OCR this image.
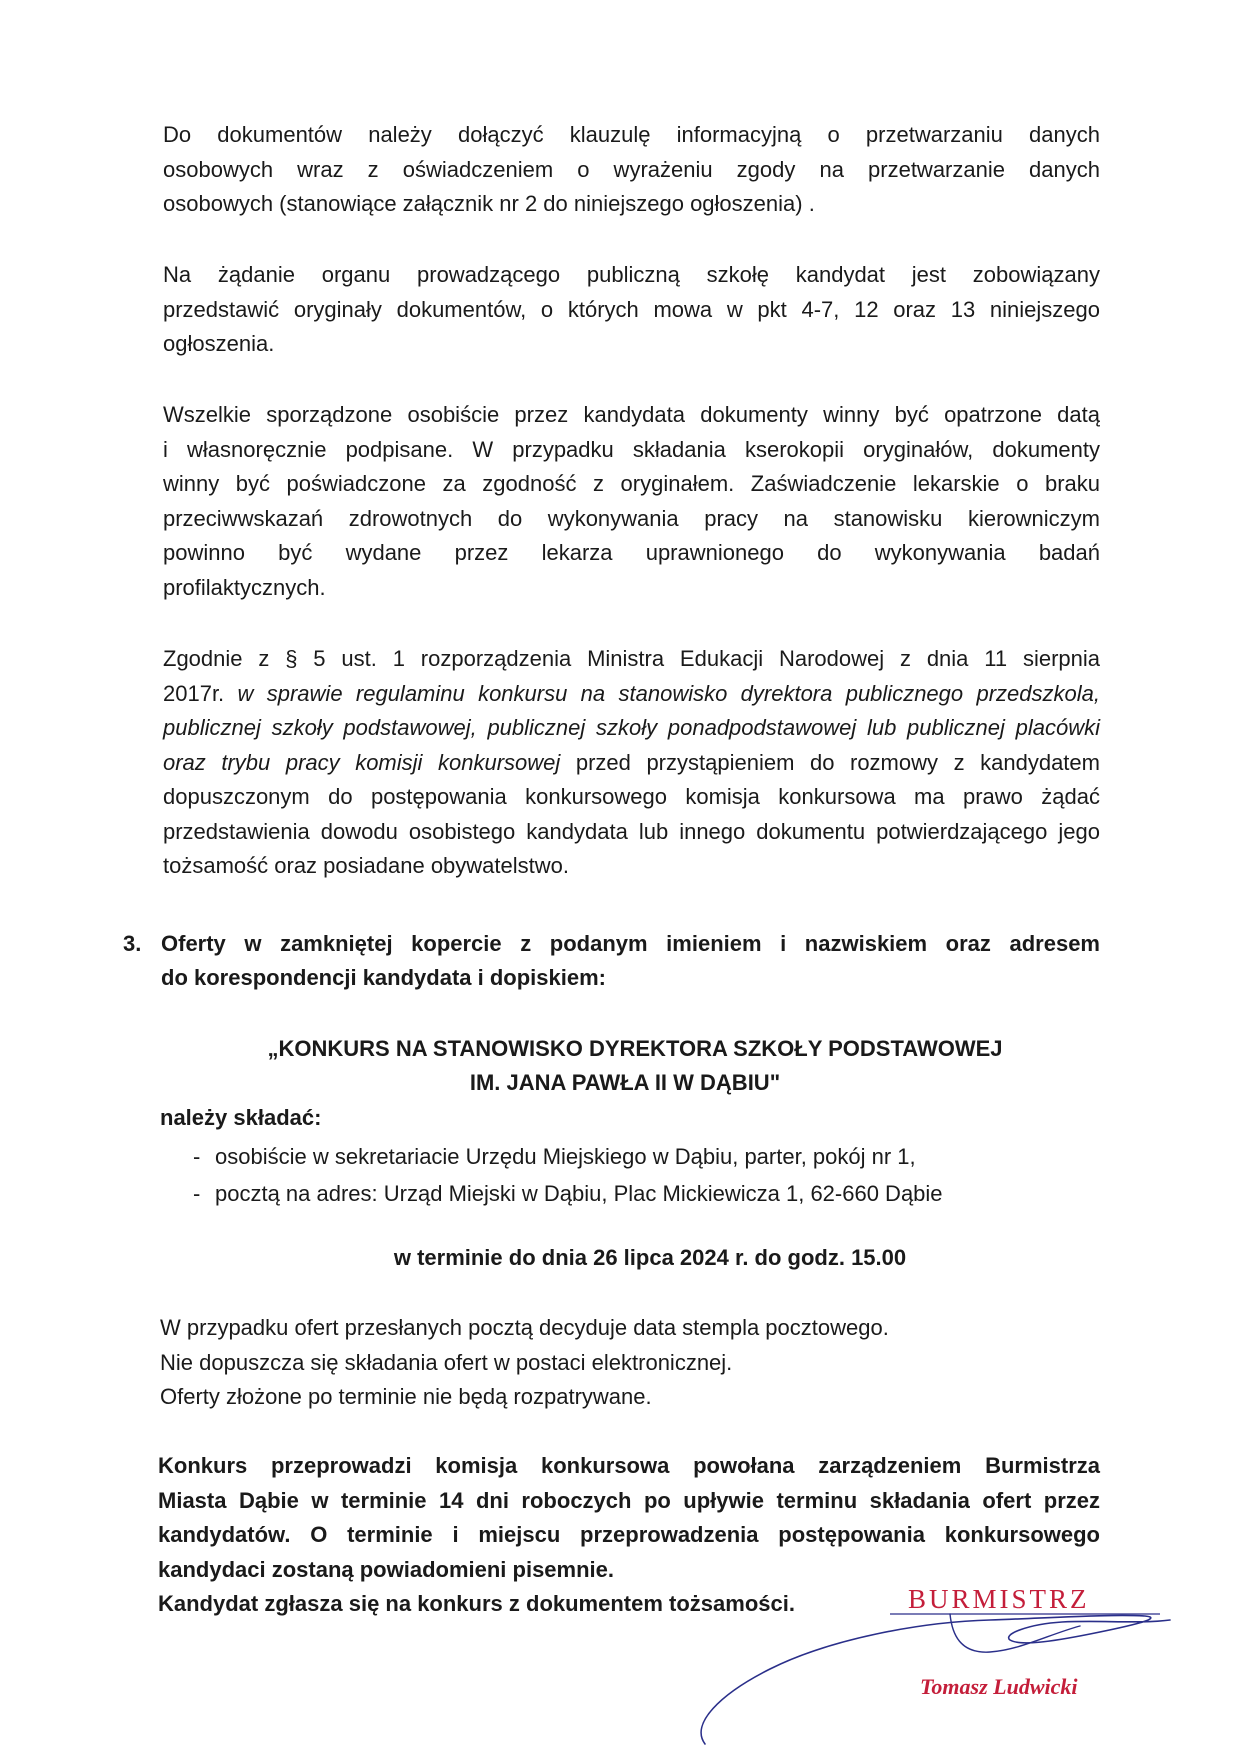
Do dokumentów należy dołączyć klauzulę informacyjną o przetwarzaniu danych
osobowych wraz z oświadczeniem o wyrażeniu zgody na przetwarzanie danych
osobowych (stanowiące załącznik nr 2 do niniejszego ogłoszenia) .
Na żądanie organu prowadzącego publiczną szkołę kandydat jest zobowiązany
przedstawić oryginały dokumentów, o których mowa w pkt 4-7, 12 oraz 13 niniejszego
ogłoszenia.
Wszelkie sporządzone osobiście przez kandydata dokumenty winny być opatrzone datą
i własnoręcznie podpisane. W przypadku składania kserokopii oryginałów, dokumenty
winny być poświadczone za zgodność z oryginałem. Zaświadczenie lekarskie o braku
przeciwwskazań zdrowotnych do wykonywania pracy na stanowisku kierowniczym
powinno być wydane przez lekarza uprawnionego do wykonywania badań
profilaktycznych.
Zgodnie z § 5 ust. 1 rozporządzenia Ministra Edukacji Narodowej z dnia 11 sierpnia
2017r. w sprawie regulaminu konkursu na stanowisko dyrektora publicznego przedszkola,
publicznej szkoły podstawowej, publicznej szkoły ponadpodstawowej lub publicznej placówki
oraz trybu pracy komisji konkursowej przed przystąpieniem do rozmowy z kandydatem
dopuszczonym do postępowania konkursowego komisja konkursowa ma prawo żądać
przedstawienia dowodu osobistego kandydata lub innego dokumentu potwierdzającego jego
tożsamość oraz posiadane obywatelstwo.
3. Oferty w zamkniętej kopercie z podanym imieniem i nazwiskiem oraz adresem
do korespondencji kandydata i dopiskiem:
„KONKURS NA STANOWISKO DYREKTORA SZKOŁY PODSTAWOWEJ
IM. JANA PAWŁA II W DĄBIU"
należy składać:
- osobiście w sekretariacie Urzędu Miejskiego w Dąbiu, parter, pokój nr 1,
- pocztą na adres: Urząd Miejski w Dąbiu, Plac Mickiewicza 1, 62-660 Dąbie
w terminie do dnia 26 lipca 2024 r. do godz. 15.00
W przypadku ofert przesłanych pocztą decyduje data stempla pocztowego.
Nie dopuszcza się składania ofert w postaci elektronicznej.
Oferty złożone po terminie nie będą rozpatrywane.
Konkurs przeprowadzi komisja konkursowa powołana zarządzeniem Burmistrza
Miasta Dąbie w terminie 14 dni roboczych po upływie terminu składania ofert przez
kandydatów. O terminie i miejscu przeprowadzenia postępowania konkursowego
kandydaci zostaną powiadomieni pisemnie.
Kandydat zgłasza się na konkurs z dokumentem tożsamości.	BURMISTRZ
Tomasz Ludwicki
